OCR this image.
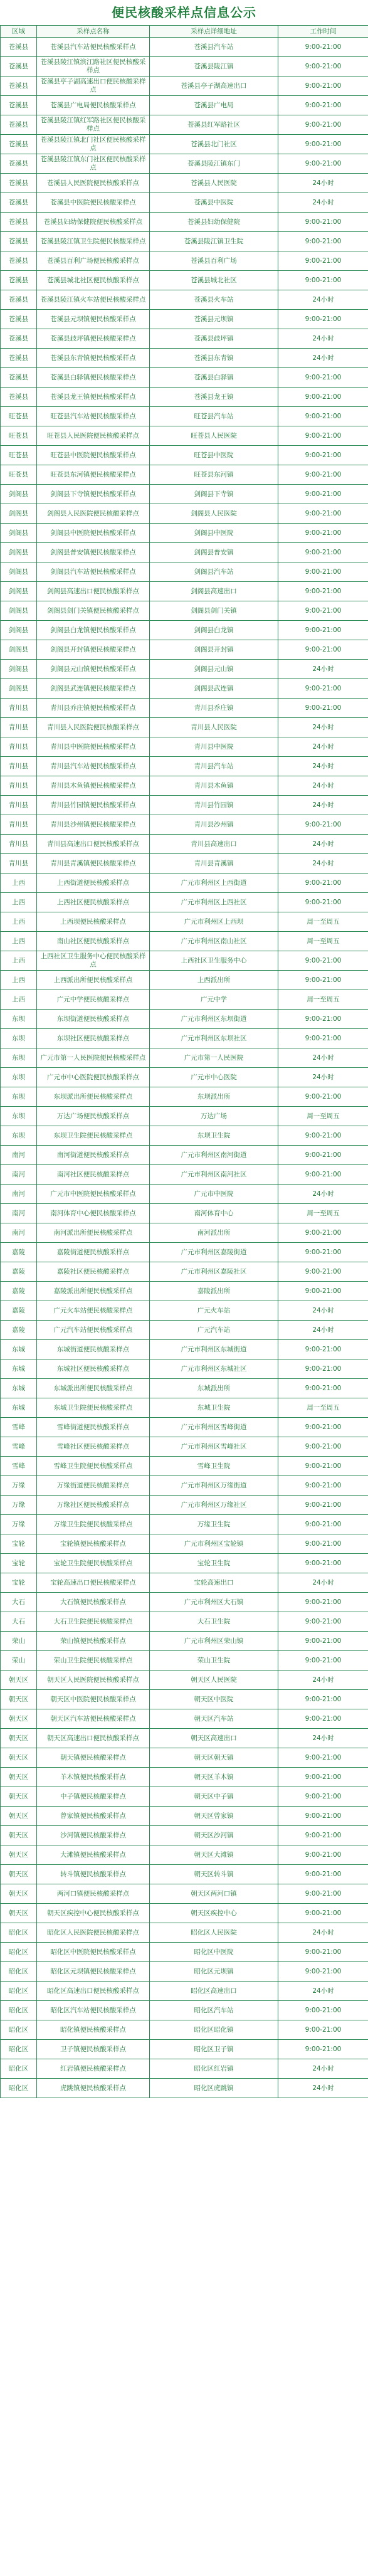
便民核酸采样点信息公示
区域	采样点名称	采样点详细地址	工作时间
苍溪县	苍溪县汽车站便民核酸采样点	苍溪县汽车站	9:00-21:00
苍溪县	苍溪县陵江镇滨江路社区便民核酸采样点	苍溪县陵江镇	9:00-21:00
苍溪县	苍溪县亭子湖高速出口便民核酸采样点	苍溪县亭子湖高速出口	9:00-21:00
苍溪县	苍溪县广电局便民核酸采样点	苍溪县广电局	9:00-21:00
苍溪县	苍溪县陵江镇红军路社区便民核酸采样点	苍溪县红军路社区	9:00-21:00
苍溪县	苍溪县陵江镇北门社区便民核酸采样点	苍溪县北门社区	9:00-21:00
苍溪县	苍溪县陵江镇东门社区便民核酸采样点	苍溪县陵江镇东门	9:00-21:00
苍溪县	苍溪县人民医院便民核酸采样点	苍溪县人民医院	24小时
苍溪县	苍溪县中医院便民核酸采样点	苍溪县中医院	24小时
苍溪县	苍溪县妇幼保健院便民核酸采样点	苍溪县妇幼保健院	9:00-21:00
苍溪县	苍溪县陵江镇卫生院便民核酸采样点	苍溪县陵江镇卫生院	9:00-21:00
苍溪县	苍溪县百利广场便民核酸采样点	苍溪县百利广场	9:00-21:00
苍溪县	苍溪县城北社区便民核酸采样点	苍溪县城北社区	9:00-21:00
苍溪县	苍溪县陵江镇火车站便民核酸采样点	苍溪县火车站	24小时
苍溪县	苍溪县元坝镇便民核酸采样点	苍溪县元坝镇	9:00-21:00
苍溪县	苍溪县歧坪镇便民核酸采样点	苍溪县歧坪镇	24小时
苍溪县	苍溪县东青镇便民核酸采样点	苍溪县东青镇	24小时
苍溪县	苍溪县白驿镇便民核酸采样点	苍溪县白驿镇	9:00-21:00
苍溪县	苍溪县龙王镇便民核酸采样点	苍溪县龙王镇	9:00-21:00
旺苍县	旺苍县汽车站便民核酸采样点	旺苍县汽车站	9:00-21:00
旺苍县	旺苍县人民医院便民核酸采样点	旺苍县人民医院	9:00-21:00
旺苍县	旺苍县中医院便民核酸采样点	旺苍县中医院	9:00-21:00
旺苍县	旺苍县东河镇便民核酸采样点	旺苍县东河镇	9:00-21:00
剑阁县	剑阁县下寺镇便民核酸采样点	剑阁县下寺镇	9:00-21:00
剑阁县	剑阁县人民医院便民核酸采样点	剑阁县人民医院	9:00-21:00
剑阁县	剑阁县中医院便民核酸采样点	剑阁县中医院	9:00-21:00
剑阁县	剑阁县普安镇便民核酸采样点	剑阁县普安镇	9:00-21:00
剑阁县	剑阁县汽车站便民核酸采样点	剑阁县汽车站	9:00-21:00
剑阁县	剑阁县高速出口便民核酸采样点	剑阁县高速出口	9:00-21:00
剑阁县	剑阁县剑门关镇便民核酸采样点	剑阁县剑门关镇	9:00-21:00
剑阁县	剑阁县白龙镇便民核酸采样点	剑阁县白龙镇	9:00-21:00
剑阁县	剑阁县开封镇便民核酸采样点	剑阁县开封镇	9:00-21:00
剑阁县	剑阁县元山镇便民核酸采样点	剑阁县元山镇	24小时
剑阁县	剑阁县武连镇便民核酸采样点	剑阁县武连镇	9:00-21:00
青川县	青川县乔庄镇便民核酸采样点	青川县乔庄镇	9:00-21:00
青川县	青川县人民医院便民核酸采样点	青川县人民医院	24小时
青川县	青川县中医院便民核酸采样点	青川县中医院	24小时
青川县	青川县汽车站便民核酸采样点	青川县汽车站	24小时
青川县	青川县木鱼镇便民核酸采样点	青川县木鱼镇	24小时
青川县	青川县竹园镇便民核酸采样点	青川县竹园镇	24小时
青川县	青川县沙州镇便民核酸采样点	青川县沙州镇	9:00-21:00
青川县	青川县高速出口便民核酸采样点	青川县高速出口	24小时
青川县	青川县青溪镇便民核酸采样点	青川县青溪镇	24小时
上西	上西街道便民核酸采样点	广元市利州区上西街道	9:00-21:00
上西	上西社区便民核酸采样点	广元市利州区上西社区	9:00-21:00
上西	上西坝便民核酸采样点	广元市利州区上西坝	周一至周五
上西	南山社区便民核酸采样点	广元市利州区南山社区	周一至周五
上西	上西社区卫生服务中心便民核酸采样点	上西社区卫生服务中心	9:00-21:00
上西	上西派出所便民核酸采样点	上西派出所	9:00-21:00
上西	广元中学便民核酸采样点	广元中学	周一至周五
东坝	东坝街道便民核酸采样点	广元市利州区东坝街道	9:00-21:00
东坝	东坝社区便民核酸采样点	广元市利州区东坝社区	9:00-21:00
东坝	广元市第一人民医院便民核酸采样点	广元市第一人民医院	24小时
东坝	广元市中心医院便民核酸采样点	广元市中心医院	24小时
东坝	东坝派出所便民核酸采样点	东坝派出所	9:00-21:00
东坝	万达广场便民核酸采样点	万达广场	周一至周五
东坝	东坝卫生院便民核酸采样点	东坝卫生院	9:00-21:00
南河	南河街道便民核酸采样点	广元市利州区南河街道	9:00-21:00
南河	南河社区便民核酸采样点	广元市利州区南河社区	9:00-21:00
南河	广元市中医院便民核酸采样点	广元市中医院	24小时
南河	南河体育中心便民核酸采样点	南河体育中心	周一至周五
南河	南河派出所便民核酸采样点	南河派出所	9:00-21:00
嘉陵	嘉陵街道便民核酸采样点	广元市利州区嘉陵街道	9:00-21:00
嘉陵	嘉陵社区便民核酸采样点	广元市利州区嘉陵社区	9:00-21:00
嘉陵	嘉陵派出所便民核酸采样点	嘉陵派出所	9:00-21:00
嘉陵	广元火车站便民核酸采样点	广元火车站	24小时
嘉陵	广元汽车站便民核酸采样点	广元汽车站	24小时
东城	东城街道便民核酸采样点	广元市利州区东城街道	9:00-21:00
东城	东城社区便民核酸采样点	广元市利州区东城社区	9:00-21:00
东城	东城派出所便民核酸采样点	东城派出所	9:00-21:00
东城	东城卫生院便民核酸采样点	东城卫生院	周一至周五
雪峰	雪峰街道便民核酸采样点	广元市利州区雪峰街道	9:00-21:00
雪峰	雪峰社区便民核酸采样点	广元市利州区雪峰社区	9:00-21:00
雪峰	雪峰卫生院便民核酸采样点	雪峰卫生院	9:00-21:00
万缘	万缘街道便民核酸采样点	广元市利州区万缘街道	9:00-21:00
万缘	万缘社区便民核酸采样点	广元市利州区万缘社区	9:00-21:00
万缘	万缘卫生院便民核酸采样点	万缘卫生院	9:00-21:00
宝轮	宝轮镇便民核酸采样点	广元市利州区宝轮镇	9:00-21:00
宝轮	宝轮卫生院便民核酸采样点	宝轮卫生院	9:00-21:00
宝轮	宝轮高速出口便民核酸采样点	宝轮高速出口	24小时
大石	大石镇便民核酸采样点	广元市利州区大石镇	9:00-21:00
大石	大石卫生院便民核酸采样点	大石卫生院	9:00-21:00
荣山	荣山镇便民核酸采样点	广元市利州区荣山镇	9:00-21:00
荣山	荣山卫生院便民核酸采样点	荣山卫生院	9:00-21:00
朝天区	朝天区人民医院便民核酸采样点	朝天区人民医院	24小时
朝天区	朝天区中医院便民核酸采样点	朝天区中医院	9:00-21:00
朝天区	朝天区汽车站便民核酸采样点	朝天区汽车站	9:00-21:00
朝天区	朝天区高速出口便民核酸采样点	朝天区高速出口	24小时
朝天区	朝天镇便民核酸采样点	朝天区朝天镇	9:00-21:00
朝天区	羊木镇便民核酸采样点	朝天区羊木镇	9:00-21:00
朝天区	中子镇便民核酸采样点	朝天区中子镇	9:00-21:00
朝天区	曾家镇便民核酸采样点	朝天区曾家镇	9:00-21:00
朝天区	沙河镇便民核酸采样点	朝天区沙河镇	9:00-21:00
朝天区	大滩镇便民核酸采样点	朝天区大滩镇	9:00-21:00
朝天区	转斗镇便民核酸采样点	朝天区转斗镇	9:00-21:00
朝天区	两河口镇便民核酸采样点	朝天区两河口镇	9:00-21:00
朝天区	朝天区疾控中心便民核酸采样点	朝天区疾控中心	9:00-21:00
昭化区	昭化区人民医院便民核酸采样点	昭化区人民医院	24小时
昭化区	昭化区中医院便民核酸采样点	昭化区中医院	9:00-21:00
昭化区	昭化区元坝镇便民核酸采样点	昭化区元坝镇	9:00-21:00
昭化区	昭化区高速出口便民核酸采样点	昭化区高速出口	24小时
昭化区	昭化区汽车站便民核酸采样点	昭化区汽车站	9:00-21:00
昭化区	昭化镇便民核酸采样点	昭化区昭化镇	9:00-21:00
昭化区	卫子镇便民核酸采样点	昭化区卫子镇	9:00-21:00
昭化区	红岩镇便民核酸采样点	昭化区红岩镇	24小时
昭化区	虎跳镇便民核酸采样点	昭化区虎跳镇	24小时
